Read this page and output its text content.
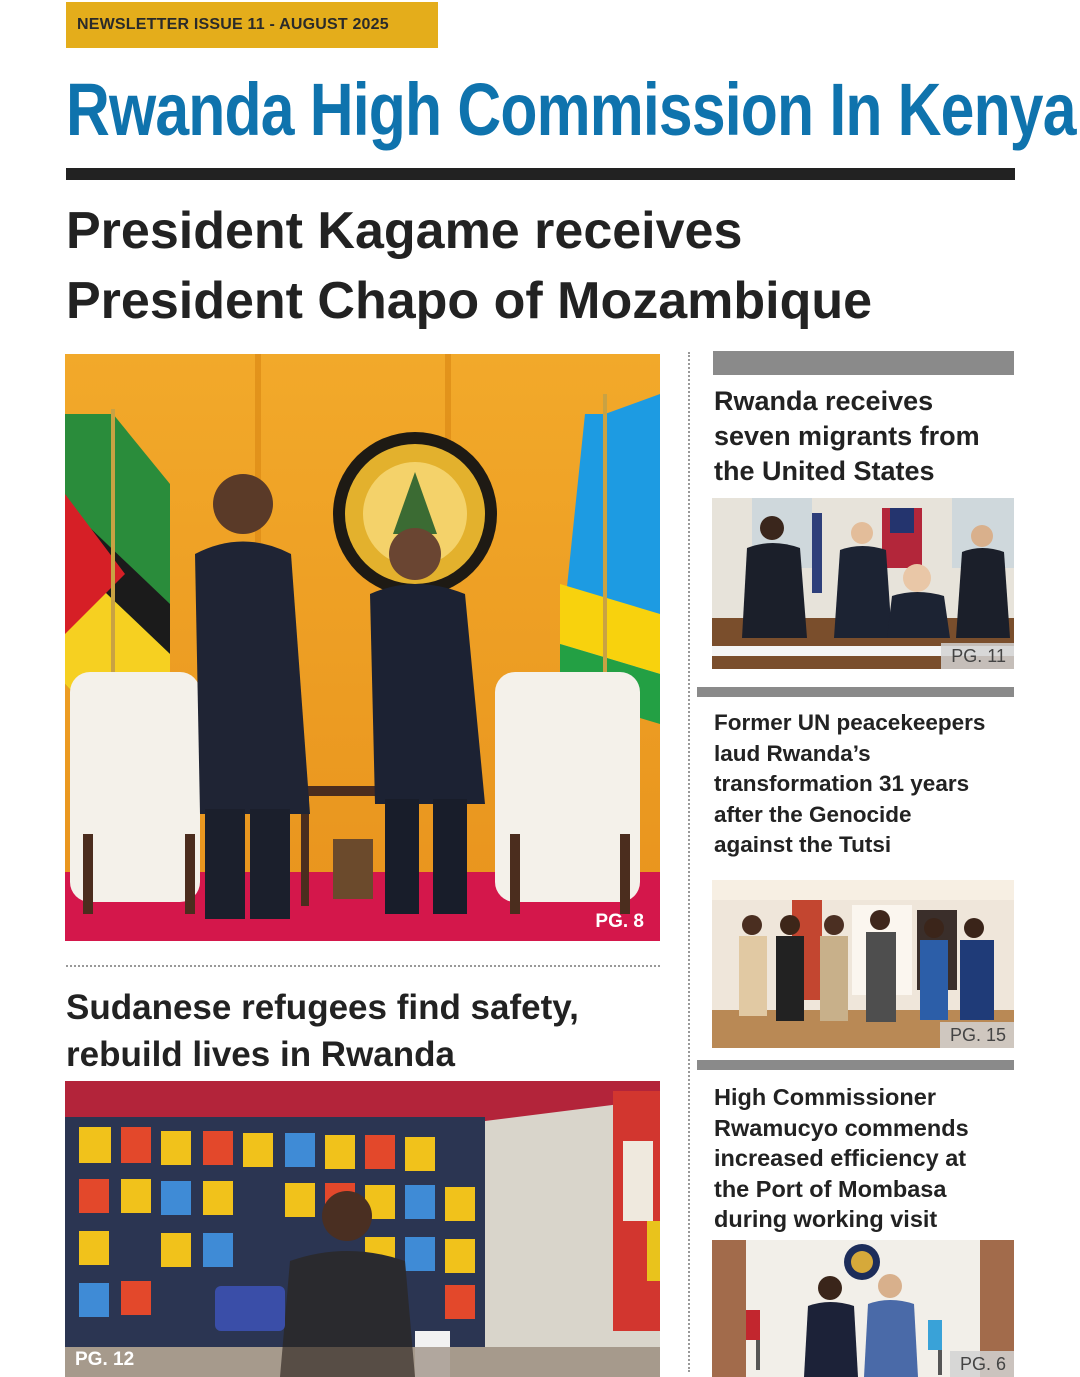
NEWSLETTER ISSUE 11 - AUGUST 2025
Rwanda High Commission In Kenya
President Kagame receives
President Chapo of Mozambique
PG. 8
Sudanese refugees find safety,
rebuild lives in Rwanda
PG. 12
Rwanda receives
seven migrants from
the United States
PG. 11
Former UN peacekeepers
laud Rwanda’s
transformation 31 years
after the Genocide
against the Tutsi
PG. 15
High Commissioner
Rwamucyo commends
increased efficiency at
the Port of Mombasa
during working visit
PG. 6
